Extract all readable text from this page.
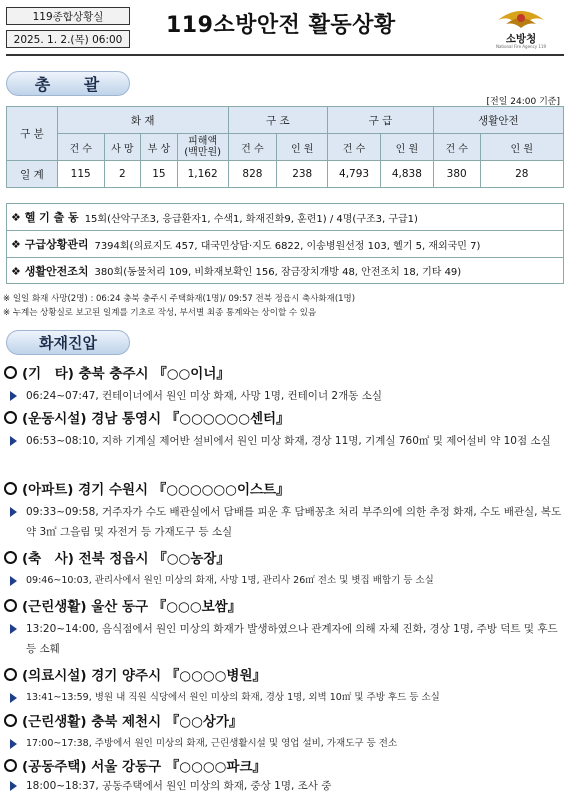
119종합상황실
2025. 1. 2.(목) 06:00
119소방안전 활동상황
소방청
National Fire Agency 119
총 괄
[전일 24:00 기준]
구 분	화 재				구 조		구 급		생활안전	
	건 수	사 망	부 상	피해액
(백만원)	건 수	인 원	건 수	인 원	건 수	인 원
일 계	115	2	15	1,162	828	238	4,793	4,838	380	28
❖ 헬 기 출 동 15회(산악구조3, 응급환자1, 수색1, 화재진화9, 훈련1) / 4명(구조3, 구급1)
❖ 구급상황관리 7394회(의료지도 457, 대국민상담·지도 6822, 이송병원선정 103, 헬기 5, 재외국민 7)
❖ 생활안전조치 380회(동물처리 109, 비화재보확인 156, 잠금장치개방 48, 안전조치 18, 기타 49)
※ 일일 화재 사망(2명) : 06:24 충북 충주시 주택화재(1명)/ 09:57 전북 정읍시 축사화재(1명)
※ 누계는 상황실로 보고된 일계를 기초로 작성, 부서별 최종 통계와는 상이할 수 있음
화재진압
(기　타) 충북 충주시 『○○이너』
06:24~07:47, 컨테이너에서 원인 미상 화재, 사망 1명, 컨테이너 2개동 소실
(운동시설) 경남 통영시 『○○○○○○센터』
06:53~08:10, 지하 기계실 제어반 설비에서 원인 미상 화재, 경상 11명, 기계실 760㎡ 및 제어설비 약 10점 소실
(아파트) 경기 수원시 『○○○○○○이스트』
09:33~09:58, 거주자가 수도 배관실에서 담배를 피운 후 담배꽁초 처리 부주의에 의한 추정 화재, 수도 배관실, 복도 약 3㎡ 그을림 및 자전거 등 가재도구 등 소실
(축　사) 전북 정읍시 『○○농장』
09:46~10:03, 관리사에서 원인 미상의 화재, 사망 1명, 관리사 26㎡ 전소 및 볏집 배합기 등 소실
(근린생활) 울산 동구 『○○○보쌈』
13:20~14:00, 음식점에서 원인 미상의 화재가 발생하였으나 관계자에 의해 자체 진화, 경상 1명, 주방 덕트 및 후드 등 소훼
(의료시설) 경기 양주시 『○○○○병원』
13:41~13:59, 병원 내 직원 식당에서 원인 미상의 화재, 경상 1명, 외벽 10㎡ 및 주방 후드 등 소실
(근린생활) 충북 제천시 『○○상가』
17:00~17:38, 주방에서 원인 미상의 화재, 근린생활시설 및 영업 설비, 가재도구 등 전소
(공동주택) 서울 강동구 『○○○○파크』
18:00~18:37, 공동주택에서 원인 미상의 화재, 중상 1명, 조사 중
